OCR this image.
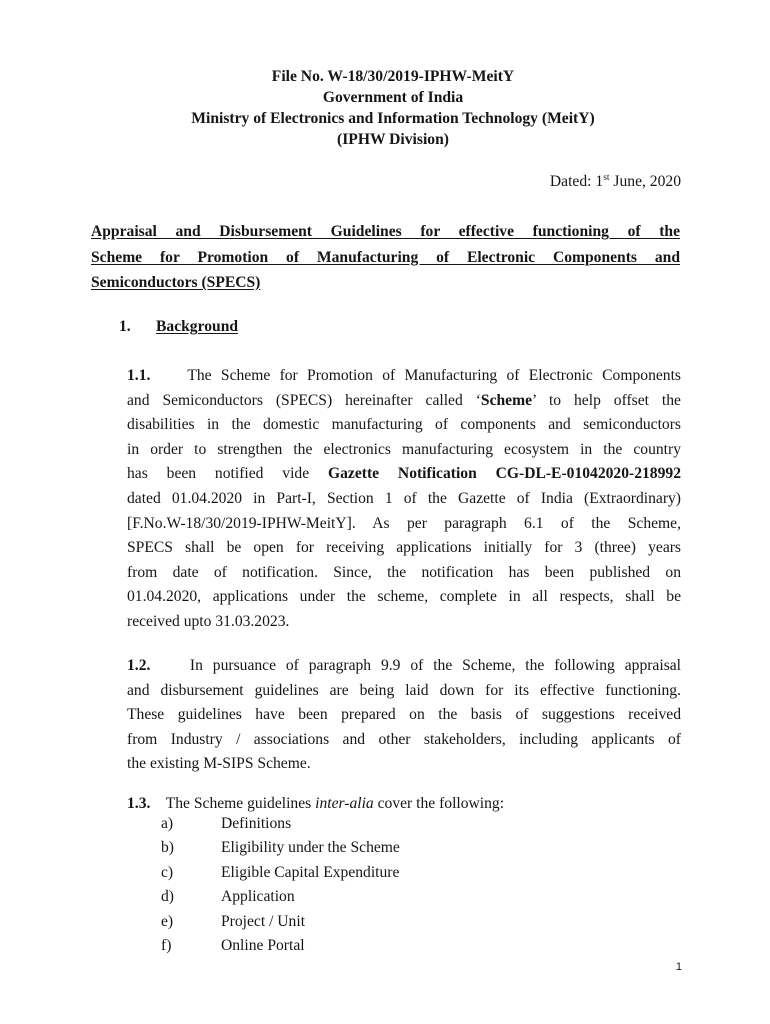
File No. W-18/30/2019-IPHW-MeitY
Government of India
Ministry of Electronics and Information Technology (MeitY)
(IPHW Division)
Dated: 1st June, 2020
Appraisal and Disbursement Guidelines for effective functioning of the
Scheme for Promotion of Manufacturing of Electronic Components and
Semiconductors (SPECS)
1. Background
1.1. The Scheme for Promotion of Manufacturing of Electronic Components
and Semiconductors (SPECS) hereinafter called ‘Scheme’ to help offset the
disabilities in the domestic manufacturing of components and semiconductors
in order to strengthen the electronics manufacturing ecosystem in the country
has been notified vide Gazette Notification CG-DL-E-01042020-218992
dated 01.04.2020 in Part-I, Section 1 of the Gazette of India (Extraordinary)
[F.No.W-18/30/2019-IPHW-MeitY]. As per paragraph 6.1 of the Scheme,
SPECS shall be open for receiving applications initially for 3 (three) years
from date of notification. Since, the notification has been published on
01.04.2020, applications under the scheme, complete in all respects, shall be
received upto 31.03.2023.
1.2.	In pursuance of paragraph 9.9 of the Scheme, the following appraisal
and disbursement guidelines are being laid down for its effective functioning.
These guidelines have been prepared on the basis of suggestions received
from Industry / associations and other stakeholders, including applicants of
the existing M-SIPS Scheme.
1.3. The Scheme guidelines inter-alia cover the following:
a)	Definitions
b)	Eligibility under the Scheme
c)	Eligible Capital Expenditure
d)	Application
e)	Project / Unit
f)	Online Portal
1
